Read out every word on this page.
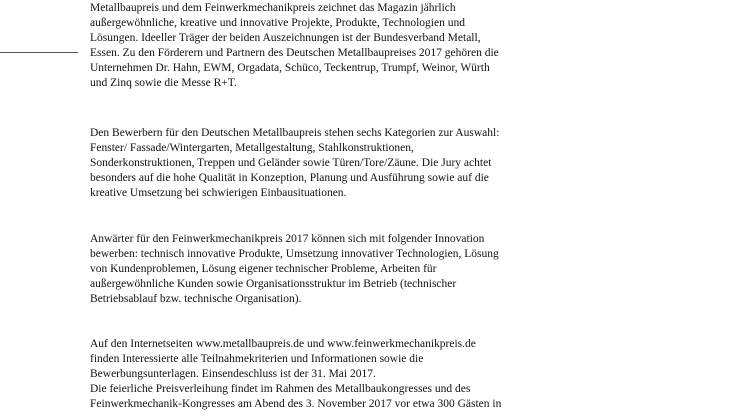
Metallbaupreis und dem Feinwerkmechanikpreis zeichnet das Magazin jährlich
außergewöhnliche, kreative und innovative Projekte, Produkte, Technologien und
Lösungen. Ideeller Träger der beiden Auszeichnungen ist der Bundesverband Metall,
Essen. Zu den Förderern und Partnern des Deutschen Metallbaupreises 2017 gehören die
Unternehmen Dr. Hahn, EWM, Orgadata, Schüco, Teckentrup, Trumpf, Weinor, Würth
und Zinq sowie die Messe R+T.
Den Bewerbern für den Deutschen Metallbaupreis stehen sechs Kategorien zur Auswahl:
Fenster/ Fassade/Wintergarten, Metallgestaltung, Stahlkonstruktionen,
Sonderkonstruktionen, Treppen und Geländer sowie Türen/Tore/Zäune. Die Jury achtet
besonders auf die hohe Qualität in Konzeption, Planung und Ausführung sowie auf die
kreative Umsetzung bei schwierigen Einbausituationen.
Anwärter für den Feinwerkmechanikpreis 2017 können sich mit folgender Innovation
bewerben: technisch innovative Produkte, Umsetzung innovativer Technologien, Lösung
von Kundenproblemen, Lösung eigener technischer Probleme, Arbeiten für
außergewöhnliche Kunden sowie Organisationsstruktur im Betrieb (technischer
Betriebsablauf bzw. technische Organisation).
Auf den Internetseiten www.metallbaupreis.de und www.feinwerkmechanikpreis.de
finden Interessierte alle Teilnahmekriterien und Informationen sowie die
Bewerbungsunterlagen. Einsendeschluss ist der 31. Mai 2017.
Die feierliche Preisverleihung findet im Rahmen des Metallbaukongresses und des
Feinwerkmechanik-Kongresses am Abend des 3. November 2017 vor etwa 300 Gästen in
